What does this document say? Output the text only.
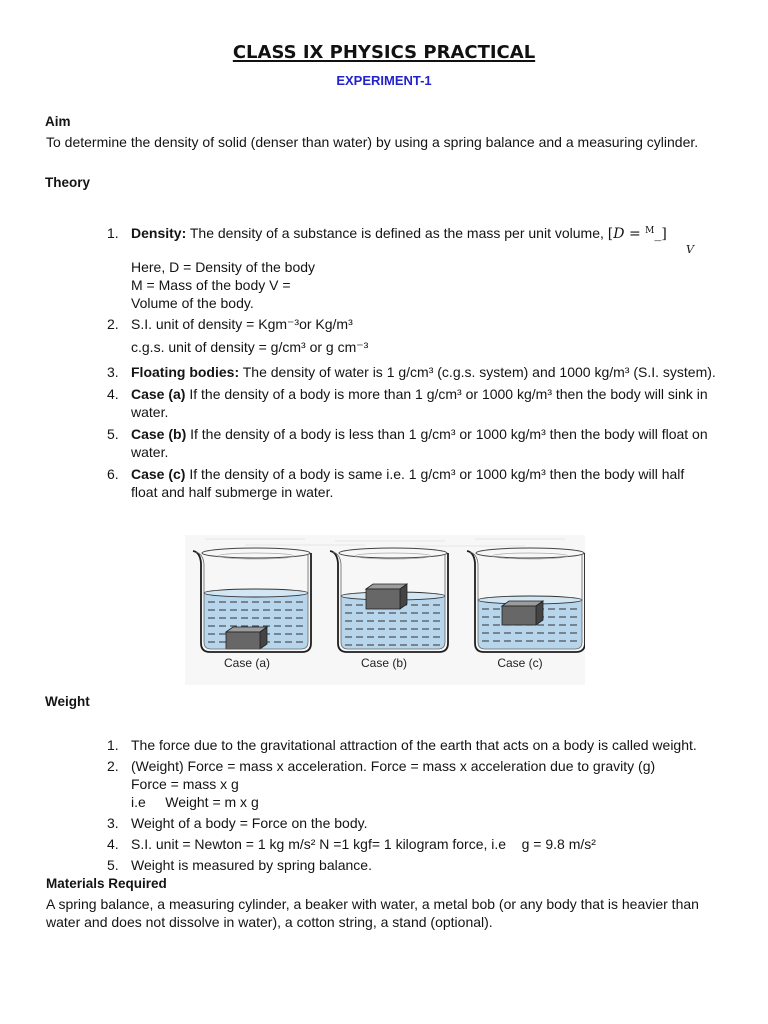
CLASS IX PHYSICS PRACTICAL
EXPERIMENT-1
Aim
To determine the density of solid (denser than water) by using a spring balance and a measuring cylinder.
Theory
1. Density: The density of a substance is defined as the mass per unit volume, [D = $^M$_]
V
Here, D = Density of the body
M = Mass of the body V =
Volume of the body.
2. S.I. unit of density = Kgm⁻³or Kg/m³
c.g.s. unit of density = g/cm³ or g cm⁻³
3. Floating bodies: The density of water is 1 g/cm³ (c.g.s. system) and 1000 kg/m³ (S.I. system).
4. Case (a) If the density of a body is more than 1 g/cm³ or 1000 kg/m³ then the body will sink in
water.
5. Case (b) If the density of a body is less than 1 g/cm³ or 1000 kg/m³ then the body will float on
water.
6. Case (c) If the density of a body is same i.e. 1 g/cm³ or 1000 kg/m³ then the body will half
float and half submerge in water.
Case (a)	Case (b)	Case (c)
Weight
1. The force due to the gravitational attraction of the earth that acts on a body is called weight.
2. (Weight) Force = mass x acceleration. Force = mass x acceleration due to gravity (g)
Force = mass x g
i.e     Weight = m x g
3. Weight of a body = Force on the body.
4. S.I. unit = Newton = 1 kg m/s² N =1 kgf= 1 kilogram force, i.e    g = 9.8 m/s²
5. Weight is measured by spring balance.
Materials Required
A spring balance, a measuring cylinder, a beaker with water, a metal bob (or any body that is heavier than
water and does not dissolve in water), a cotton string, a stand (optional).
